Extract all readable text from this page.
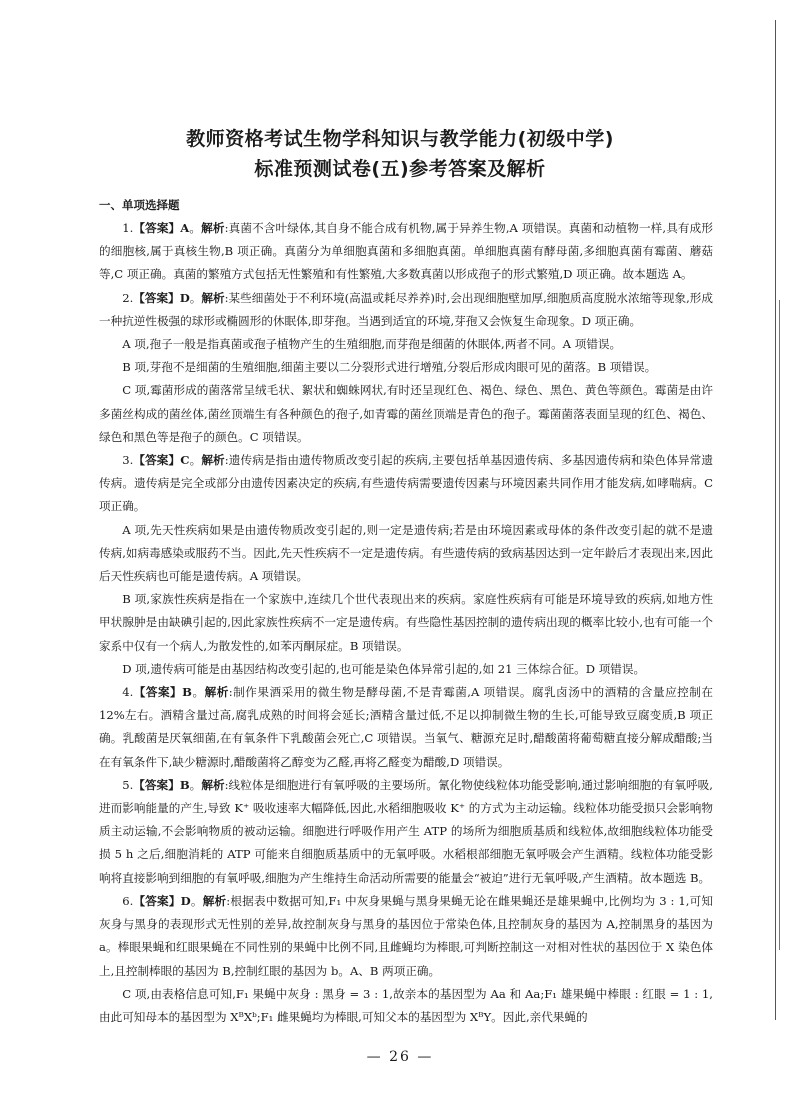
教师资格考试生物学科知识与教学能力(初级中学)
标准预测试卷(五)参考答案及解析
一、单项选择题

1.【答案】A。解析:真菌不含叶绿体,其自身不能合成有机物,属于异养生物,A 项错误。真菌和动植物一样,具有成形的细胞核,属于真核生物,B 项正确。真菌分为单细胞真菌和多细胞真菌。单细胞真菌有酵母菌,多细胞真菌有霉菌、蘑菇等,C 项正确。真菌的繁殖方式包括无性繁殖和有性繁殖,大多数真菌以形成孢子的形式繁殖,D 项正确。故本题选 A。

2.【答案】D。解析:某些细菌处于不利环境(高温或耗尽养养)时,会出现细胞壁加厚,细胞质高度脱水浓缩等现象,形成一种抗逆性极强的球形或椭圆形的休眠体,即芽孢。当遇到适宜的环境,芽孢又会恢复生命现象。D 项正确。

A 项,孢子一般是指真菌或孢子植物产生的生殖细胞,而芽孢是细菌的休眠体,两者不同。A 项错误。

B 项,芽孢不是细菌的生殖细胞,细菌主要以二分裂形式进行增殖,分裂后形成肉眼可见的菌落。B 项错误。

C 项,霉菌形成的菌落常呈绒毛状、絮状和蜘蛛网状,有时还呈现红色、褐色、绿色、黑色、黄色等颜色。霉菌是由许多菌丝构成的菌丝体,菌丝顶端生有各种颜色的孢子,如青霉的菌丝顶端是青色的孢子。霉菌菌落表面呈现的红色、褐色、绿色和黑色等是孢子的颜色。C 项错误。

3.【答案】C。解析:遗传病是指由遗传物质改变引起的疾病,主要包括单基因遗传病、多基因遗传病和染色体异常遗传病。遗传病是完全或部分由遗传因素决定的疾病,有些遗传病需要遗传因素与环境因素共同作用才能发病,如哮喘病。C 项正确。

A 项,先天性疾病如果是由遗传物质改变引起的,则一定是遗传病;若是由环境因素或母体的条件改变引起的就不是遗传病,如病毒感染或服药不当。因此,先天性疾病不一定是遗传病。有些遗传病的致病基因达到一定年龄后才表现出来,因此后天性疾病也可能是遗传病。A 项错误。

B 项,家族性疾病是指在一个家族中,连续几个世代表现出来的疾病。家庭性疾病有可能是环境导致的疾病,如地方性甲状腺肿是由缺碘引起的,因此家族性疾病不一定是遗传病。有些隐性基因控制的遗传病出现的概率比较小,也有可能一个家系中仅有一个病人,为散发性的,如苯丙酮尿症。B 项错误。

D 项,遗传病可能是由基因结构改变引起的,也可能是染色体异常引起的,如 21 三体综合征。D 项错误。

4.【答案】B。解析:制作果酒采用的微生物是酵母菌,不是青霉菌,A 项错误。腐乳卤汤中的酒精的含量应控制在 12%左右。酒精含量过高,腐乳成熟的时间将会延长;酒精含量过低,不足以抑制微生物的生长,可能导致豆腐变质,B 项正确。乳酸菌是厌氧细菌,在有氧条件下乳酸菌会死亡,C 项错误。当氧气、糖源充足时,醋酸菌将葡萄糖直接分解成醋酸;当在有氧条件下,缺少糖源时,醋酸菌将乙醇变为乙醛,再将乙醛变为醋酸,D 项错误。

5.【答案】B。解析:线粒体是细胞进行有氧呼吸的主要场所。氰化物使线粒体功能受影响,通过影响细胞的有氧呼吸,进而影响能量的产生,导致 K⁺ 吸收速率大幅降低,因此,水稻细胞吸收 K⁺ 的方式为主动运输。线粒体功能受损只会影响物质主动运输,不会影响物质的被动运输。细胞进行呼吸作用产生 ATP 的场所为细胞质基质和线粒体,故细胞线粒体功能受损 5 h 之后,细胞消耗的 ATP 可能来自细胞质基质中的无氧呼吸。水稻根部细胞无氧呼吸会产生酒精。线粒体功能受影响将直接影响到细胞的有氧呼吸,细胞为产生维持生命活动所需要的能量会“被迫”进行无氧呼吸,产生酒精。故本题选 B。

6.【答案】D。解析:根据表中数据可知,F₁ 中灰身果蝇与黑身果蝇无论在雌果蝇还是雄果蝇中,比例均为 3 : 1,可知灰身与黑身的表现形式无性别的差异,故控制灰身与黑身的基因位于常染色体,且控制灰身的基因为 A,控制黑身的基因为 a。棒眼果蝇和红眼果蝇在不同性别的果蝇中比例不同,且雌蝇均为棒眼,可判断控制这一对相对性状的基因位于 X 染色体上,且控制棒眼的基因为 B,控制红眼的基因为 b。A、B 两项正确。

C 项,由表格信息可知,F₁ 果蝇中灰身 : 黑身 = 3 : 1,故亲本的基因型为 Aa 和 Aa;F₁ 雄果蝇中棒眼 : 红眼 = 1 : 1,由此可知母本的基因型为 XᴮXᵇ;F₁ 雌果蝇均为棒眼,可知父本的基因型为 XᴮY。因此,亲代果蝇的

— 26 —
